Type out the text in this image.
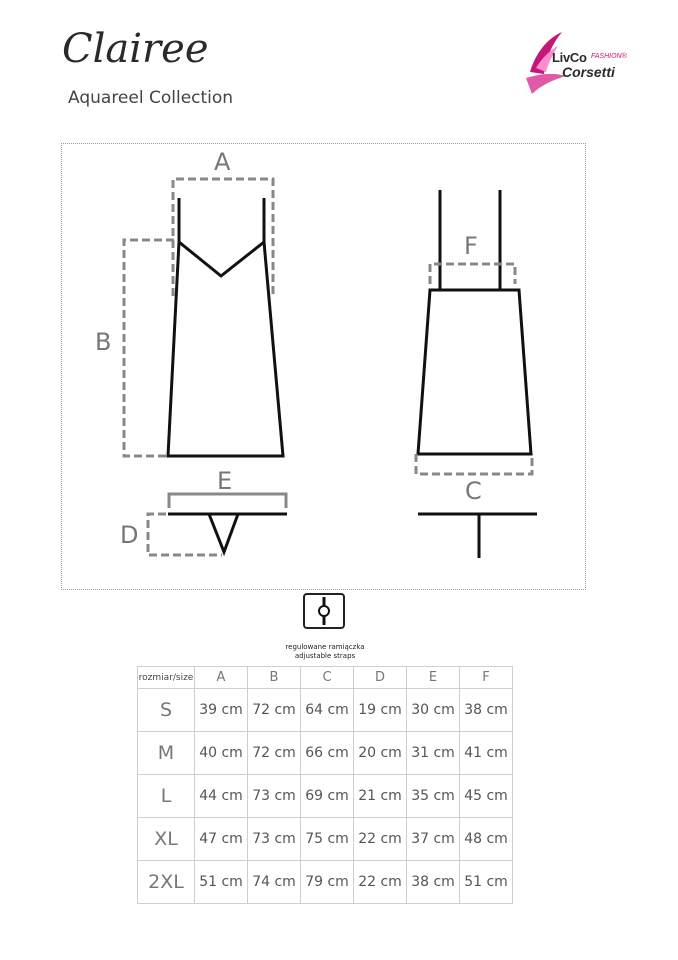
Clairee
Aquareel Collection
LivCo FASHION®
Corsetti
A
B
F
C
E
D
regulowane ramiączka
adjustable straps
rozmiar/size	A	B	C	D	E	F
S	39 cm	72 cm	64 cm	19 cm	30 cm	38 cm
M	40 cm	72 cm	66 cm	20 cm	31 cm	41 cm
L	44 cm	73 cm	69 cm	21 cm	35 cm	45 cm
XL	47 cm	73 cm	75 cm	22 cm	37 cm	48 cm
2XL	51 cm	74 cm	79 cm	22 cm	38 cm	51 cm
